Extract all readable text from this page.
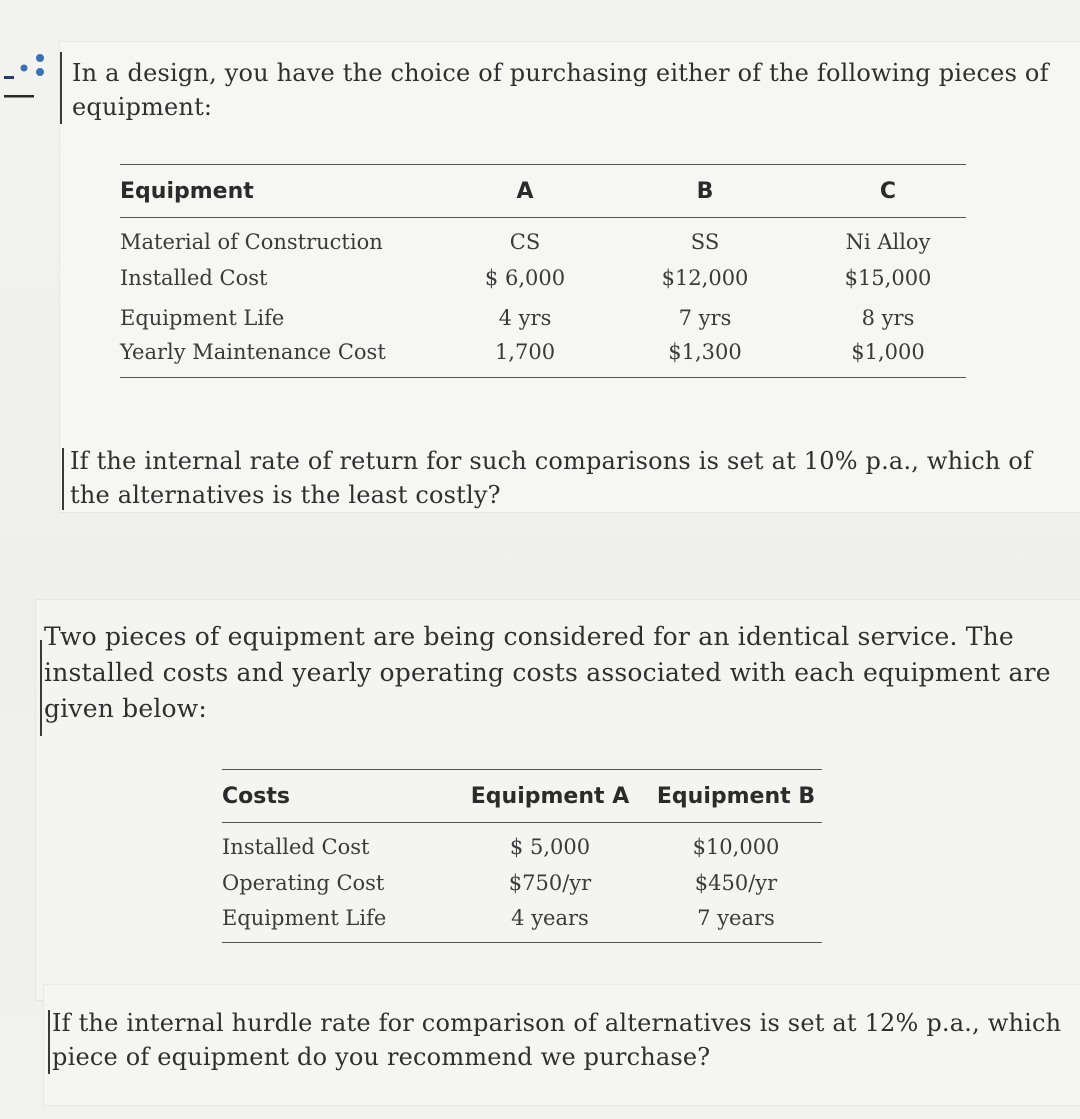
In a design, you have the choice of purchasing either of the following pieces of equipment:

Equipment	A	B	C
Material of Construction	CS	SS	Ni Alloy
Installed Cost	$ 6,000	$12,000	$15,000
Equipment Life	4 yrs	7 yrs	8 yrs
Yearly Maintenance Cost	1,700	$1,300	$1,000

If the internal rate of return for such comparisons is set at 10% p.a., which of the alternatives is the least costly?

Two pieces of equipment are being considered for an identical service. The installed costs and yearly operating costs associated with each equipment are given below:

Costs	Equipment A	Equipment B
Installed Cost	$ 5,000	$10,000
Operating Cost	$750/yr	$450/yr
Equipment Life	4 years	7 years

If the internal hurdle rate for comparison of alternatives is set at 12% p.a., which piece of equipment do you recommend we purchase?
